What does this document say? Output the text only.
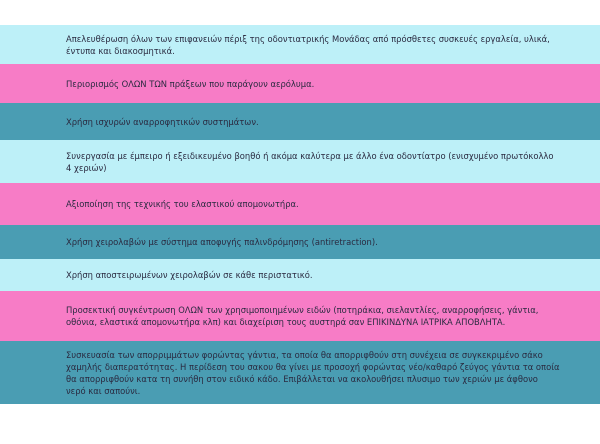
Απελευθέρωση όλων των επιφανειών πέριξ της οδοντιατρικής Μονάδας από πρόσθετες συσκευές εργαλεία, υλικά, έντυπα και διακοσμητικά.
Περιορισμός ΟΛΩΝ ΤΩΝ πράξεων που παράγουν αερόλυμα.
Χρήση ισχυρών αναρροφητικών συστημάτων.
Συνεργασία με έμπειρο ή εξειδικευμένο βοηθό ή ακόμα καλύτερα με άλλο ένα οδοντίατρο (ενισχυμένο πρωτόκολλο 4 χεριών)
Αξιοποίηση της τεχνικής του ελαστικού απομονωτήρα.
Χρήση χειρολαβών με σύστημα αποφυγής παλινδρόμησης (antiretraction).
Χρήση αποστειρωμένων χειρολαβών σε κάθε περιστατικό.
Προσεκτική συγκέντρωση ΟΛΩΝ των χρησιμοποιημένων ειδών (ποτηράκια, σιελαντλίες, αναρροφήσεις, γάντια, οθόνια, ελαστικά απομονωτήρα κλπ) και διαχείριση τους αυστηρά σαν ΕΠΙΚΙΝΔΥΝΑ ΙΑΤΡΙΚΑ ΑΠΟΒΛΗΤΑ.
Συσκευασία των απορριμμάτων φορώντας γάντια, τα οποία θα απορριφθούν στη συνέχεια σε συγκεκριμένο σάκο χαμηλής διαπερατότητας. Η περίδεση του σακου θα γίνει με προσοχή φορώντας νέο/καθαρό ζεύγος γάντια τα οποία θα απορριφθούν κατα τη συνήθη στον ειδικό κάδο. Επιβάλλεται να ακολουθήσει πλυσιμο των χεριών με άφθονο νερό και σαπούνι.
